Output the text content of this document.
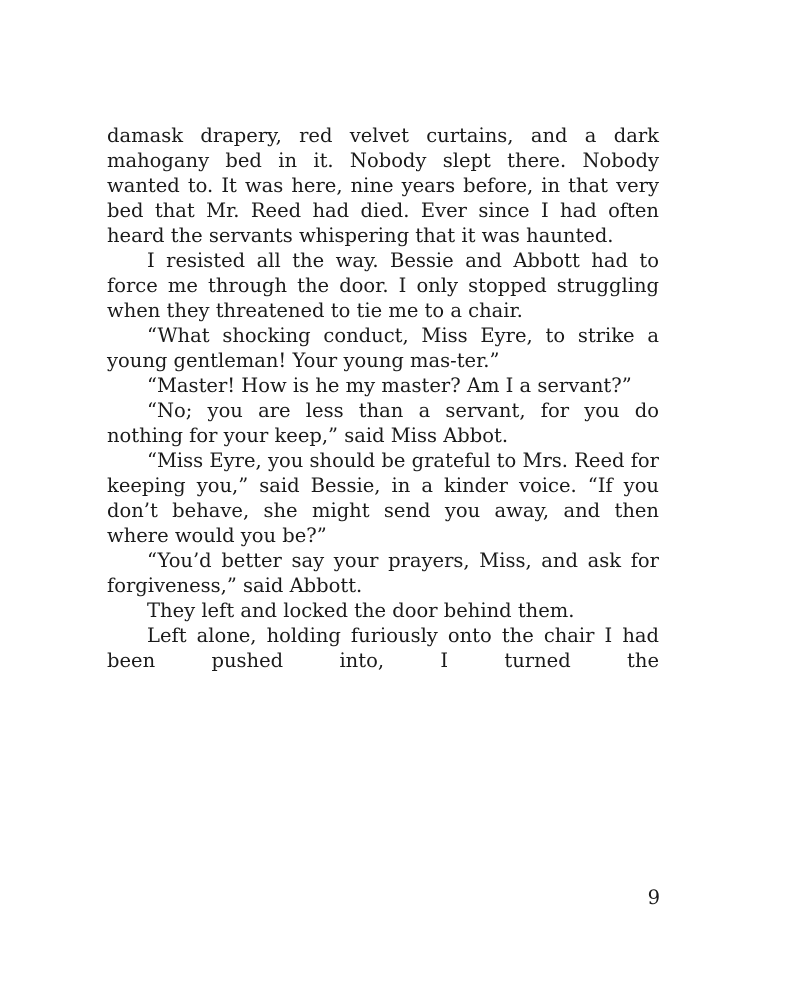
damask drapery, red velvet curtains, and a dark mahogany bed in it. Nobody slept there. Nobody wanted to. It was here, nine years before, in that very bed that Mr. Reed had died. Ever since I had often heard the servants whispering that it was haunted.

I resisted all the way. Bessie and Abbott had to force me through the door. I only stopped struggling when they threatened to tie me to a chair.

“What shocking conduct, Miss Eyre, to strike a young gentleman! Your young mas-ter.”

“Master! How is he my master? Am I a servant?”

“No; you are less than a servant, for you do nothing for your keep,” said Miss Abbot.

“Miss Eyre, you should be grateful to Mrs. Reed for keeping you,” said Bessie, in a kinder voice. “If you don’t behave, she might send you away, and then where would you be?”

“You’d better say your prayers, Miss, and ask for forgiveness,” said Abbott.

They left and locked the door behind them.

Left alone, holding furiously onto the chair I had been pushed into, I turned the

9
